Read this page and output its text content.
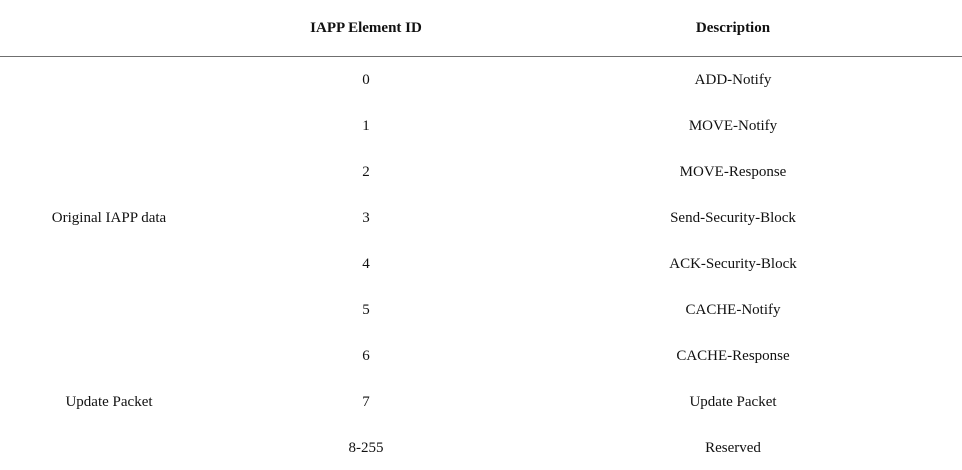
IAPP Element ID	Description
0	ADD-Notify
1	MOVE-Notify
2	MOVE-Response
Original IAPP data	3	Send-Security-Block
4	ACK-Security-Block
5	CACHE-Notify
6	CACHE-Response
Update Packet	7	Update Packet
8-255	Reserved
